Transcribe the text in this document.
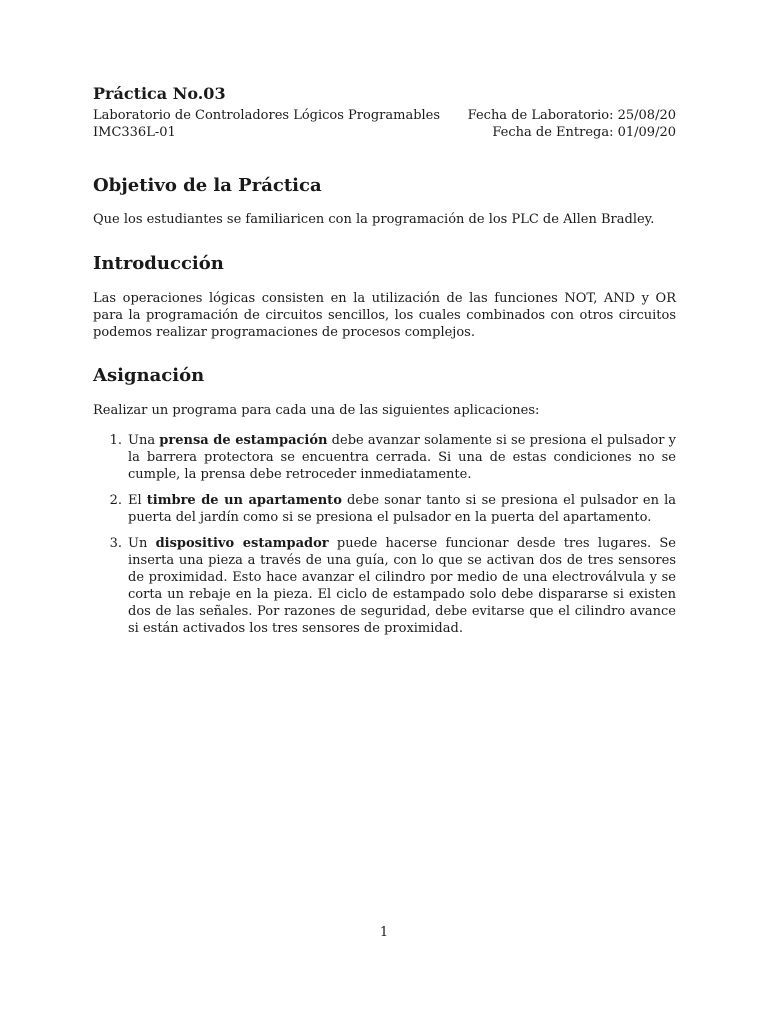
Práctica No.03
Laboratorio de Controladores Lógicos Programables Fecha de Laboratorio: 25/08/20
IMC336L-01	Fecha de Entrega: 01/09/20
Objetivo de la Práctica

Que los estudiantes se familiaricen con la programación de los PLC de Allen Bradley.

Introducción

Las operaciones lógicas consisten en la utilización de las funciones NOT, AND y OR para la programación de circuitos sencillos, los cuales combinados con otros circuitos podemos realizar programaciones de procesos complejos.

Asignación

Realizar un programa para cada una de las siguientes aplicaciones:

1. Una prensa de estampación debe avanzar solamente si se presiona el pulsador y la barrera protectora se encuentra cerrada. Si una de estas condiciones no se cumple, la prensa debe retroceder inmediatamente.
2. El timbre de un apartamento debe sonar tanto si se presiona el pulsador en la puerta del jardín como si se presiona el pulsador en la puerta del apartamento.
3. Un dispositivo estampador puede hacerse funcionar desde tres lugares. Se inserta una pieza a través de una guía, con lo que se activan dos de tres sensores de proximidad. Esto hace avanzar el cilindro por medio de una electroválvula y se corta un rebaje en la pieza. El ciclo de estampado solo debe dispararse si existen dos de las señales. Por razones de seguridad, debe evitarse que el cilindro avance si están activados los tres sensores de proximidad.
1
